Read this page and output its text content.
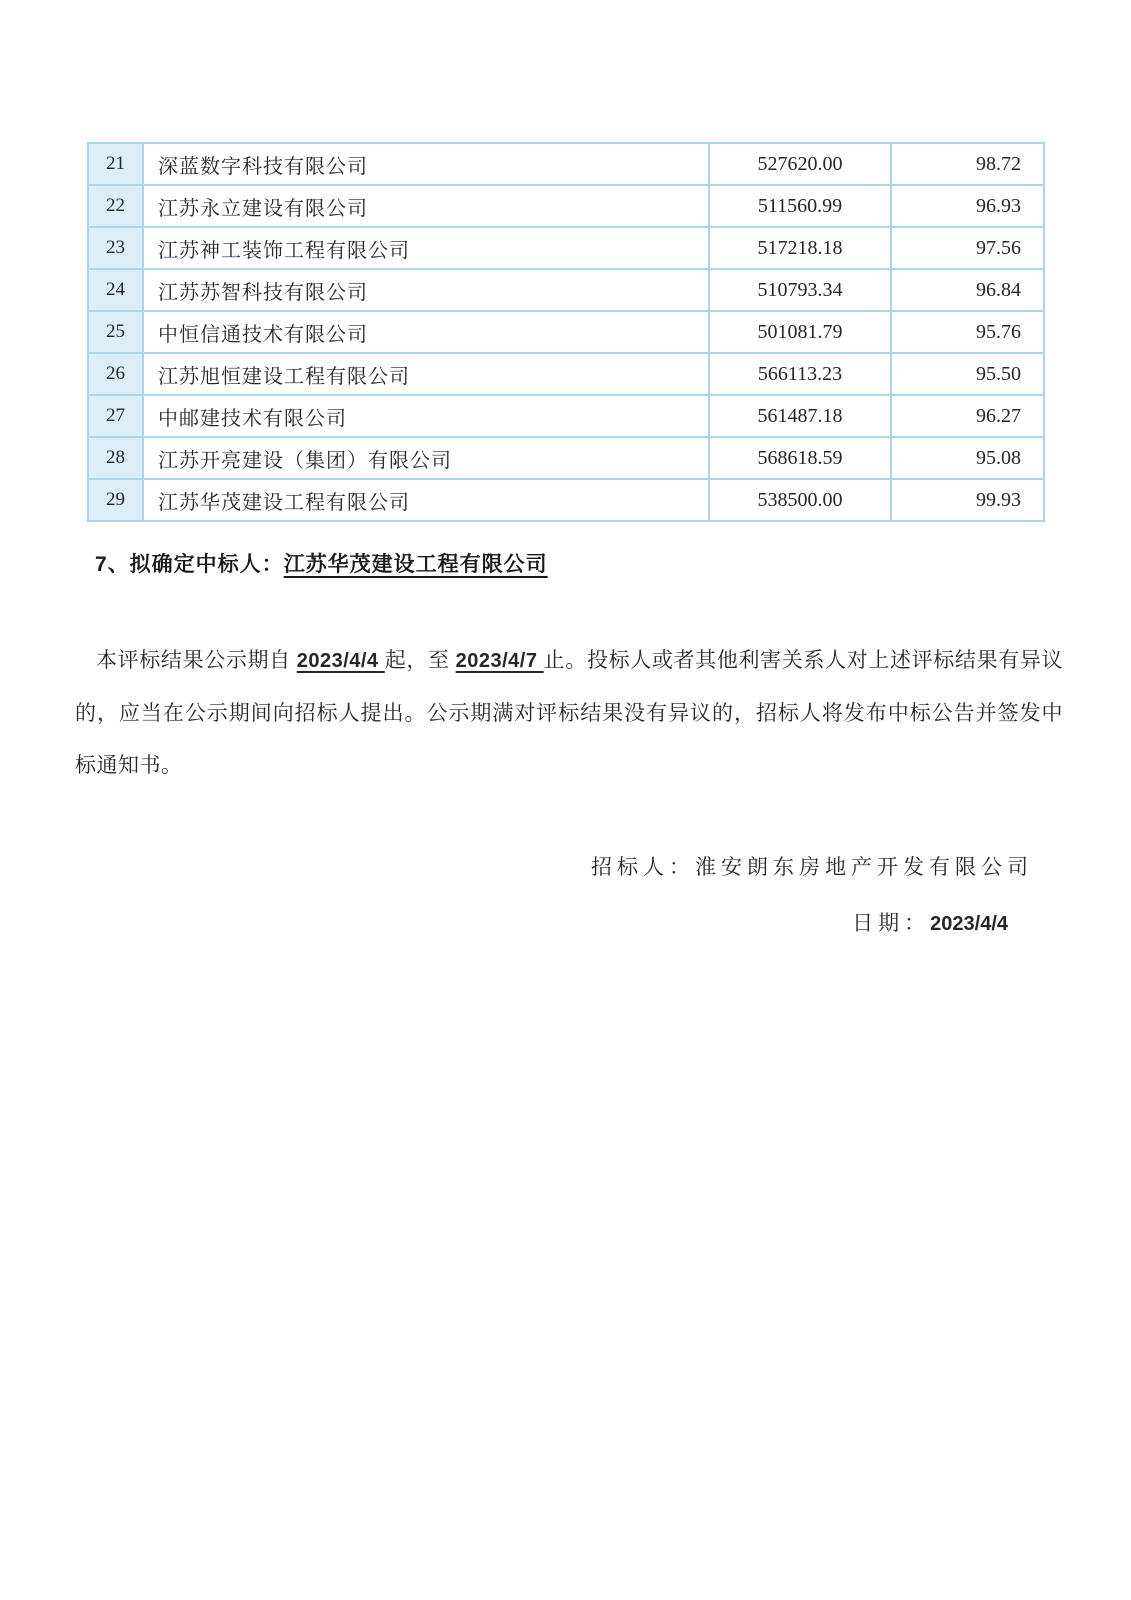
21	深蓝数字科技有限公司	527620.00	98.72
22	江苏永立建设有限公司	511560.99	96.93
23	江苏神工装饰工程有限公司	517218.18	97.56
24	江苏苏智科技有限公司	510793.34	96.84
25	中恒信通技术有限公司	501081.79	95.76
26	江苏旭恒建设工程有限公司	566113.23	95.50
27	中邮建技术有限公司	561487.18	96.27
28	江苏开亮建设（集团）有限公司	568618.59	95.08
29	江苏华茂建设工程有限公司	538500.00	99.93
7、拟确定中标人：江苏华茂建设工程有限公司
本评标结果公示期自 2023/4/4 起，至 2023/4/7 止。投标人或者其他利害关系人对上述评标结果有异议的，应当在公示期间向招标人提出。公示期满对评标结果没有异议的，招标人将发布中标公告并签发中标通知书。
招标人：淮安朗东房地产开发有限公司
日期：2023/4/4
